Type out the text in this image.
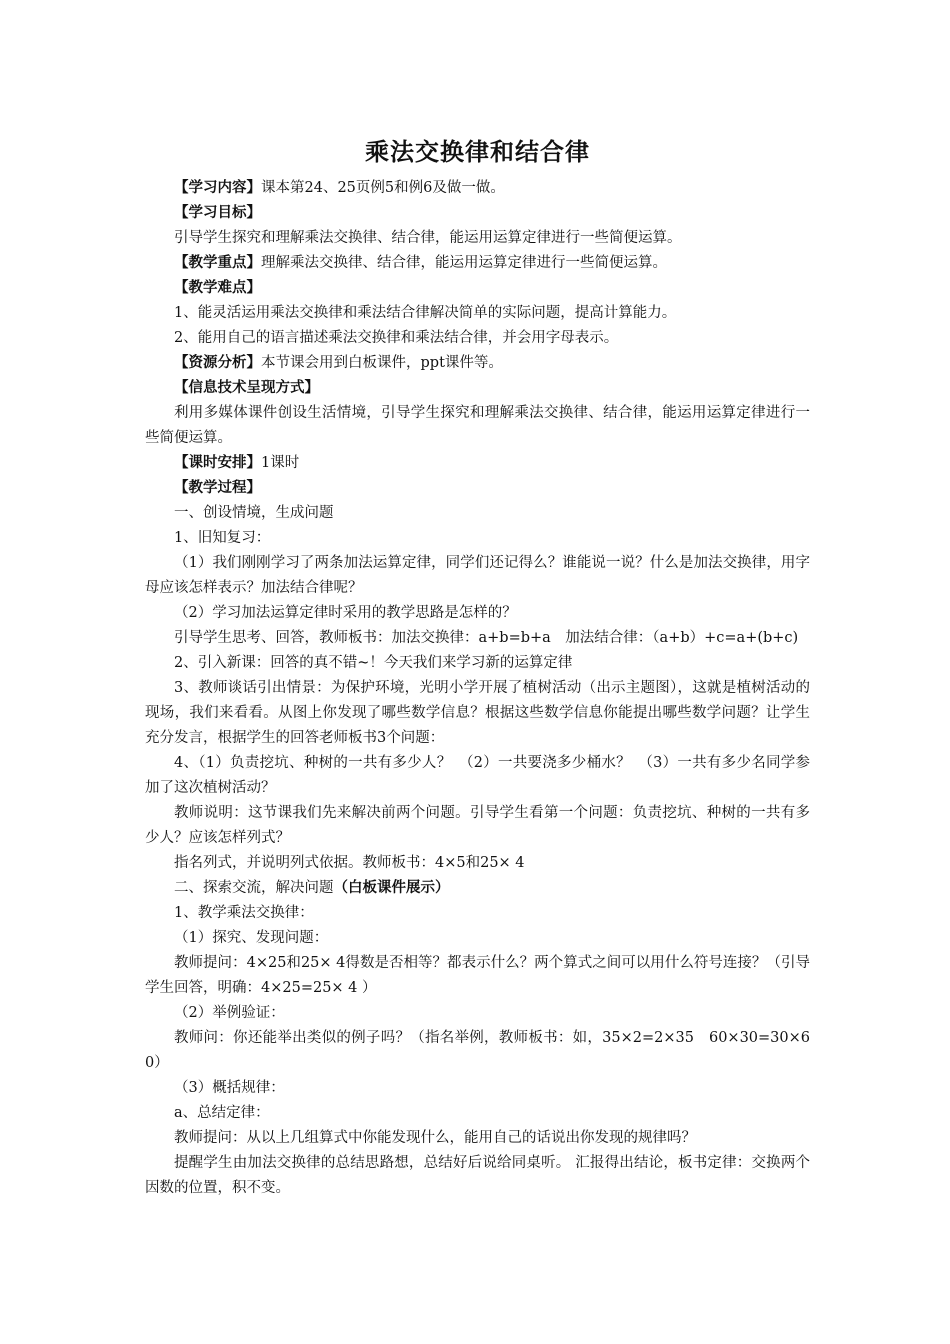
乘法交换律和结合律

【学习内容】课本第24、25页例5和例6及做一做。

【学习目标】

引导学生探究和理解乘法交换律、结合律，能运用运算定律进行一些简便运算。

【教学重点】理解乘法交换律、结合律，能运用运算定律进行一些简便运算。

【教学难点】

1、能灵活运用乘法交换律和乘法结合律解决简单的实际问题，提高计算能力。

2、能用自己的语言描述乘法交换律和乘法结合律，并会用字母表示。

【资源分析】本节课会用到白板课件，ppt课件等。

【信息技术呈现方式】

利用多媒体课件创设生活情境，引导学生探究和理解乘法交换律、结合律，能运用运算定律进行一些简便运算。

【课时安排】1课时

【教学过程】

一、创设情境，生成问题

1、旧知复习：

（1）我们刚刚学习了两条加法运算定律，同学们还记得么？谁能说一说？什么是加法交换律，用字母应该怎样表示？加法结合律呢？

（2）学习加法运算定律时采用的教学思路是怎样的？

引导学生思考、回答，教师板书：加法交换律：a+b=b+a　加法结合律：（a+b）+c=a+(b+c)

2、引入新课：回答的真不错~！今天我们来学习新的运算定律

3、教师谈话引出情景：为保护环境，光明小学开展了植树活动（出示主题图），这就是植树活动的现场，我们来看看。从图上你发现了哪些数学信息？根据这些数学信息你能提出哪些数学问题？让学生充分发言，根据学生的回答老师板书3个问题：

4、（1）负责挖坑、种树的一共有多少人？　（2）一共要浇多少桶水？　（3）一共有多少名同学参加了这次植树活动？

教师说明：这节课我们先来解决前两个问题。引导学生看第一个问题：负责挖坑、种树的一共有多少人？应该怎样列式？

指名列式，并说明列式依据。教师板书：4×5和25× 4

二、探索交流，解决问题（白板课件展示）

1、教学乘法交换律：

（1）探究、发现问题：

教师提问：4×25和25× 4得数是否相等？都表示什么？两个算式之间可以用什么符号连接？（引导学生回答，明确：4×25=25× 4 ）

（2）举例验证：

教师问：你还能举出类似的例子吗？（指名举例，教师板书：如，35×2=2×35　60×30=30×60）

（3）概括规律：

a、总结定律：

教师提问：从以上几组算式中你能发现什么，能用自己的话说出你发现的规律吗？

提醒学生由加法交换律的总结思路想，总结好后说给同桌听。 汇报得出结论，板书定律：交换两个因数的位置，积不变。
